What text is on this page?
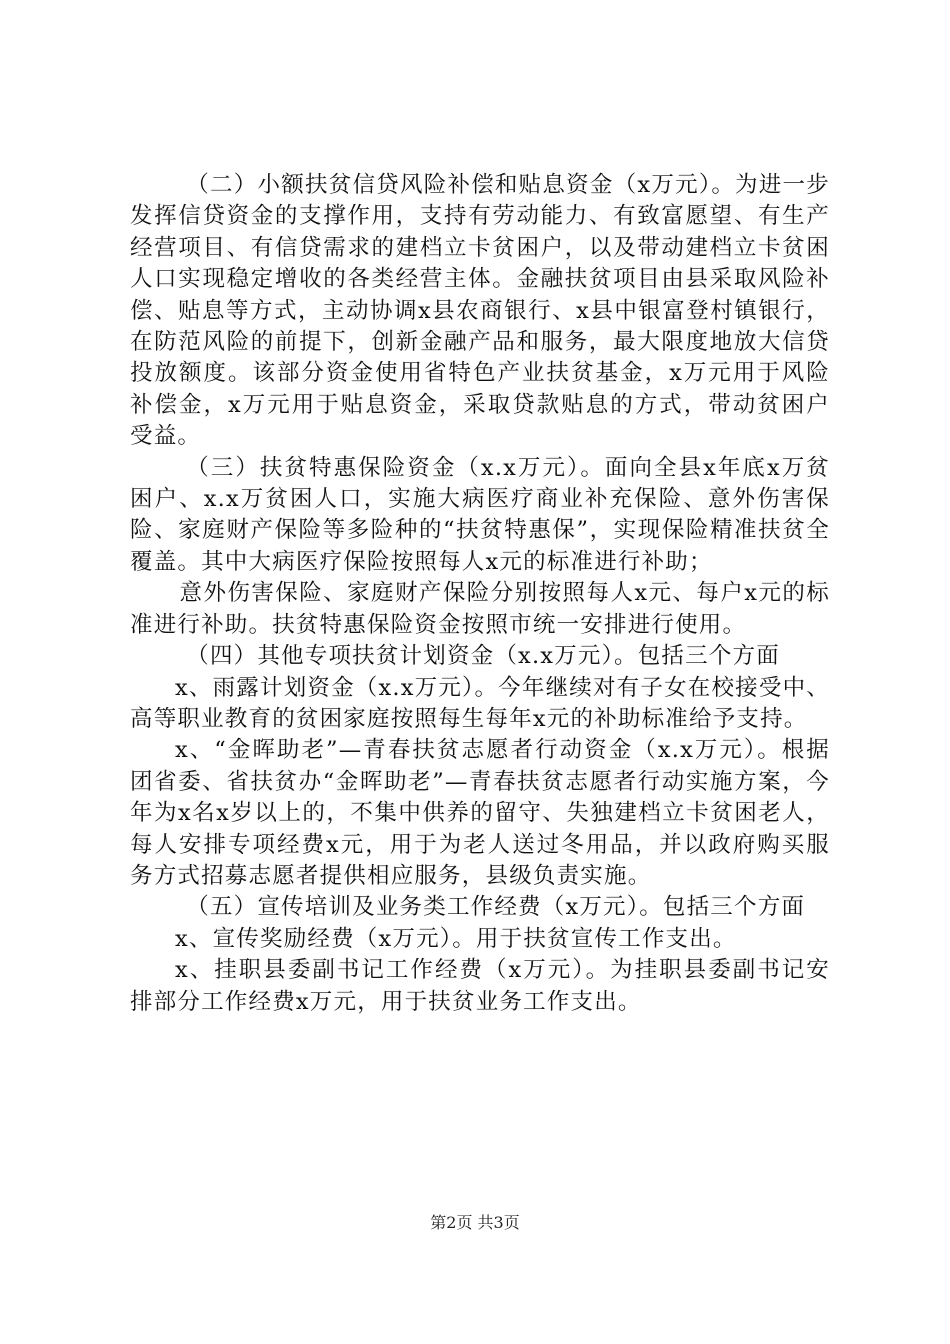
（二）小额扶贫信贷风险补偿和贴息资金（x万元）。为进一步发挥信贷资金的支撑作用，支持有劳动能力、有致富愿望、有生产经营项目、有信贷需求的建档立卡贫困户，以及带动建档立卡贫困人口实现稳定增收的各类经营主体。金融扶贫项目由县采取风险补偿、贴息等方式，主动协调x县农商银行、x县中银富登村镇银行，在防范风险的前提下，创新金融产品和服务，最大限度地放大信贷投放额度。该部分资金使用省特色产业扶贫基金，x万元用于风险补偿金，x万元用于贴息资金，采取贷款贴息的方式，带动贫困户受益。

（三）扶贫特惠保险资金（x.x万元）。面向全县x年底x万贫困户、x.x万贫困人口，实施大病医疗商业补充保险、意外伤害保险、家庭财产保险等多险种的“扶贫特惠保”，实现保险精准扶贫全覆盖。其中大病医疗保险按照每人x元的标准进行补助；

意外伤害保险、家庭财产保险分别按照每人x元、每户x元的标准进行补助。扶贫特惠保险资金按照市统一安排进行使用。

（四）其他专项扶贫计划资金（x.x万元）。包括三个方面

x、雨露计划资金（x.x万元）。今年继续对有子女在校接受中、高等职业教育的贫困家庭按照每生每年x元的补助标准给予支持。

x、“金晖助老”—青春扶贫志愿者行动资金（x.x万元）。根据团省委、省扶贫办“金晖助老”—青春扶贫志愿者行动实施方案，今年为x名x岁以上的，不集中供养的留守、失独建档立卡贫困老人，每人安排专项经费x元，用于为老人送过冬用品，并以政府购买服务方式招募志愿者提供相应服务，县级负责实施。

（五）宣传培训及业务类工作经费（x万元）。包括三个方面

x、宣传奖励经费（x万元）。用于扶贫宣传工作支出。

x、挂职县委副书记工作经费（x万元）。为挂职县委副书记安排部分工作经费x万元，用于扶贫业务工作支出。

第2页 共3页
